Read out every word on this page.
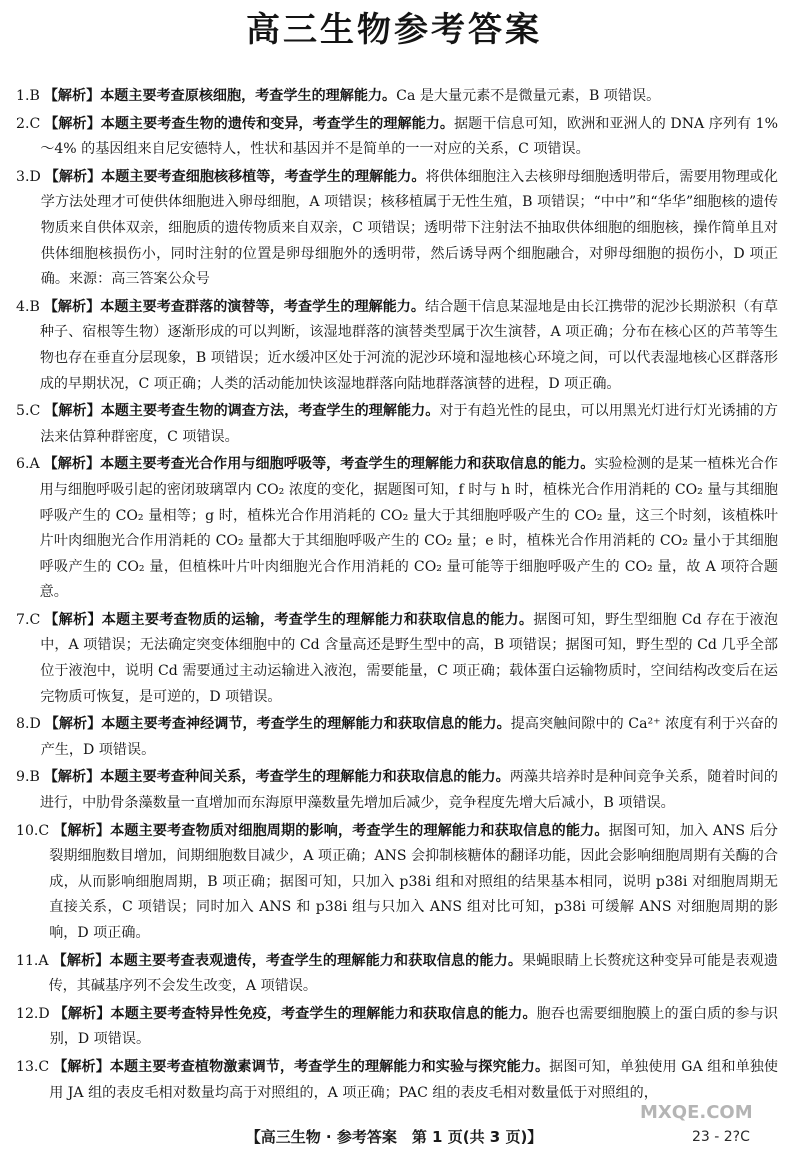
高三生物参考答案
1.B 【解析】本题主要考查原核细胞，考查学生的理解能力。Ca 是大量元素不是微量元素，B 项错误。
2.C 【解析】本题主要考查生物的遗传和变异，考查学生的理解能力。据题干信息可知，欧洲和亚洲人的 DNA 序列有 1%～4% 的基因组来自尼安德特人，性状和基因并不是简单的一一对应的关系，C 项错误。
3.D 【解析】本题主要考查细胞核移植等，考查学生的理解能力。将供体细胞注入去核卵母细胞透明带后，需要用物理或化学方法处理才可使供体细胞进入卵母细胞，A 项错误；核移植属于无性生殖，B 项错误；“中中”和“华华”细胞核的遗传物质来自供体双亲，细胞质的遗传物质来自双亲，C 项错误；透明带下注射法不抽取供体细胞的细胞核，操作简单且对供体细胞核损伤小，同时注射的位置是卵母细胞外的透明带，然后诱导两个细胞融合，对卵母细胞的损伤小，D 项正确。来源：高三答案公众号
4.B 【解析】本题主要考查群落的演替等，考查学生的理解能力。结合题干信息某湿地是由长江携带的泥沙长期淤积（有草种子、宿根等生物）逐渐形成的可以判断，该湿地群落的演替类型属于次生演替，A 项正确；分布在核心区的芦苇等生物也存在垂直分层现象，B 项错误；近水缓冲区处于河流的泥沙环境和湿地核心环境之间，可以代表湿地核心区群落形成的早期状况，C 项正确；人类的活动能加快该湿地群落向陆地群落演替的进程，D 项正确。
5.C 【解析】本题主要考查生物的调查方法，考查学生的理解能力。对于有趋光性的昆虫，可以用黑光灯进行灯光诱捕的方法来估算种群密度，C 项错误。
6.A 【解析】本题主要考查光合作用与细胞呼吸等，考查学生的理解能力和获取信息的能力。实验检测的是某一植株光合作用与细胞呼吸引起的密闭玻璃罩内 CO₂ 浓度的变化，据题图可知，f 时与 h 时，植株光合作用消耗的 CO₂ 量与其细胞呼吸产生的 CO₂ 量相等；g 时，植株光合作用消耗的 CO₂ 量大于其细胞呼吸产生的 CO₂ 量，这三个时刻，该植株叶片叶肉细胞光合作用消耗的 CO₂ 量都大于其细胞呼吸产生的 CO₂ 量；e 时，植株光合作用消耗的 CO₂ 量小于其细胞呼吸产生的 CO₂ 量，但植株叶片叶肉细胞光合作用消耗的 CO₂ 量可能等于细胞呼吸产生的 CO₂ 量，故 A 项符合题意。
7.C 【解析】本题主要考查物质的运输，考查学生的理解能力和获取信息的能力。据图可知，野生型细胞 Cd 存在于液泡中，A 项错误；无法确定突变体细胞中的 Cd 含量高还是野生型中的高，B 项错误；据图可知，野生型的 Cd 几乎全部位于液泡中，说明 Cd 需要通过主动运输进入液泡，需要能量，C 项正确；载体蛋白运输物质时，空间结构改变后在运完物质可恢复，是可逆的，D 项错误。
8.D 【解析】本题主要考查神经调节，考查学生的理解能力和获取信息的能力。提高突触间隙中的 Ca²⁺ 浓度有利于兴奋的产生，D 项错误。
9.B 【解析】本题主要考查种间关系，考查学生的理解能力和获取信息的能力。两藻共培养时是种间竞争关系，随着时间的进行，中肋骨条藻数量一直增加而东海原甲藻数量先增加后减少，竞争程度先增大后减小，B 项错误。
10.C 【解析】本题主要考查物质对细胞周期的影响，考查学生的理解能力和获取信息的能力。据图可知，加入 ANS 后分裂期细胞数目增加，间期细胞数目减少，A 项正确；ANS 会抑制核糖体的翻译功能，因此会影响细胞周期有关酶的合成，从而影响细胞周期，B 项正确；据图可知，只加入 p38i 组和对照组的结果基本相同，说明 p38i 对细胞周期无直接关系，C 项错误；同时加入 ANS 和 p38i 组与只加入 ANS 组对比可知，p38i 可缓解 ANS 对细胞周期的影响，D 项正确。
11.A 【解析】本题主要考查表观遗传，考查学生的理解能力和获取信息的能力。果蝇眼睛上长赘疣这种变异可能是表观遗传，其碱基序列不会发生改变，A 项错误。
12.D 【解析】本题主要考查特异性免疫，考查学生的理解能力和获取信息的能力。胞吞也需要细胞膜上的蛋白质的参与识别，D 项错误。
13.C 【解析】本题主要考查植物激素调节，考查学生的理解能力和实验与探究能力。据图可知，单独使用 GA 组和单独使用 JA 组的表皮毛相对数量均高于对照组的，A 项正确；PAC 组的表皮毛相对数量低于对照组的，
MXQE.COM
【高三生物 · 参考答案　第 1 页(共 3 页)】	23 - 2?C
